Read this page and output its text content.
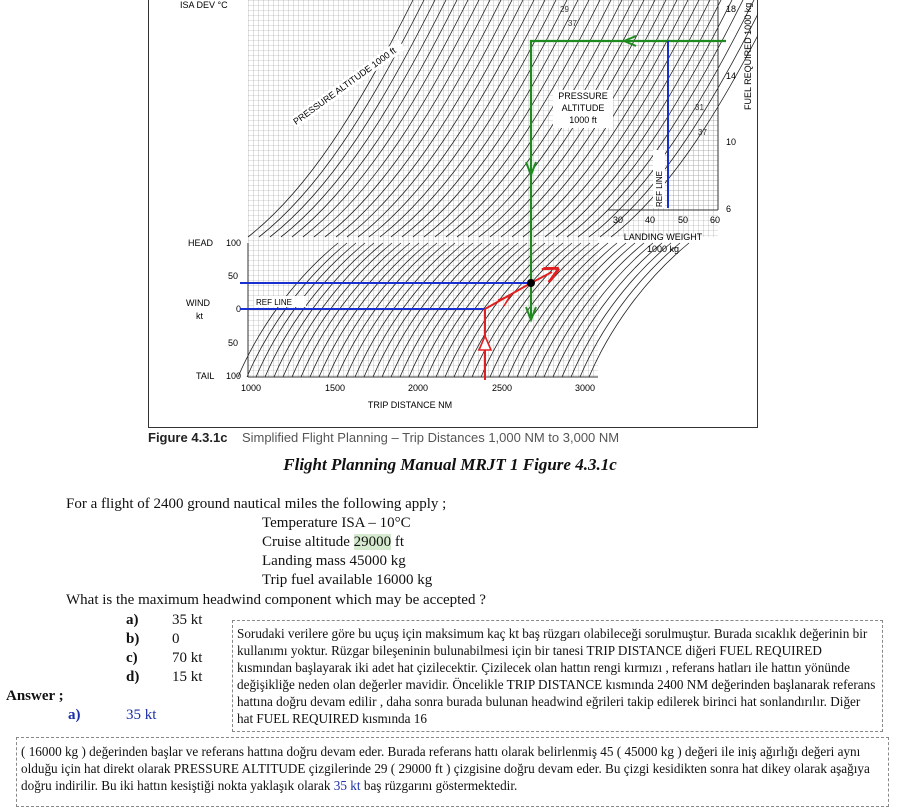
ISA DEV °C
PRESSURE ALTITUDE 1000 ft	PRESSURE
ALTITUDE
1000 ft
18
14
10
6
FUEL REQUIRED 1000 kg
30 40	50 60
LANDING WEIGHT
1000 kg
REF LINE
HEAD
TAIL
WIND
kt
100
50
0
50
100
REF LINE
1000	1500	2000	2500	3000
TRIP DISTANCE NM
29
37
31
37
Figure 4.3.1c Simplified Flight Planning – Trip Distances 1,000 NM to 3,000 NM
Flight Planning Manual MRJT 1 Figure 4.3.1c
For a flight of 2400 ground nautical miles the following apply ;
Temperature ISA – 10°C
Cruise altitude 29000 ft
Landing mass 45000 kg
Trip fuel available 16000 kg
What is the maximum headwind component which may be accepted ?
a) 35 kt
b) 0
c) 70 kt
d) 15 kt
Answer ;
a)	35 kt
Sorudaki verilere göre bu uçuş için maksimum kaç kt baş rüzgarı olabileceği sorulmuştur. Burada sıcaklık değerinin bir kullanımı yoktur. Rüzgar bileşeninin bulunabilmesi için bir tanesi TRIP DISTANCE diğeri FUEL REQUIRED kısmından başlayarak iki adet hat çizilecektir. Çizilecek olan hattın rengi kırmızı , referans hatları ile hattın yönünde değişikliğe neden olan değerler mavidir. Öncelikle TRIP DISTANCE kısmında 2400 NM değerinden başlanarak referans hattına doğru devam edilir , daha sonra burada bulunan headwind eğrileri takip edilerek birinci hat sonlandırılır. Diğer hat FUEL REQUIRED kısmında 16
( 16000 kg ) değerinden başlar ve referans hattına doğru devam eder. Burada referans hattı olarak belirlenmiş 45 ( 45000 kg ) değeri ile iniş ağırlığı değeri aynı olduğu için hat direkt olarak PRESSURE ALTITUDE çizgilerinde 29 ( 29000 ft ) çizgisine doğru devam eder. Bu çizgi kesidikten sonra hat dikey olarak aşağıya doğru indirilir. Bu iki hattın kesiştiği nokta yaklaşık olarak 35 kt baş rüzgarını göstermektedir.
